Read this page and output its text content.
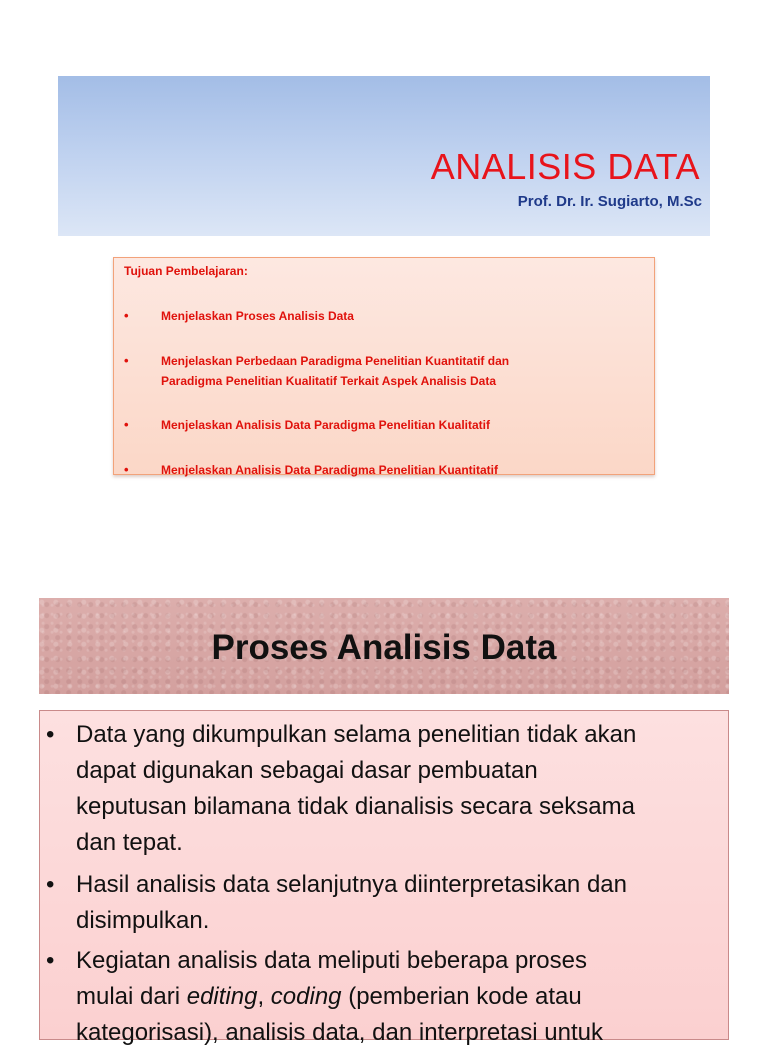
ANALISIS DATA
Prof. Dr. Ir. Sugiarto, M.Sc
Tujuan Pembelajaran:
•	Menjelaskan Proses Analisis Data
•	Menjelaskan Perbedaan Paradigma Penelitian Kuantitatif dan
Paradigma Penelitian Kualitatif Terkait Aspek Analisis Data
•	Menjelaskan Analisis Data Paradigma Penelitian Kualitatif
•	Menjelaskan Analisis Data Paradigma Penelitian Kuantitatif
Proses Analisis Data
• Data yang dikumpulkan selama penelitian tidak akan
dapat digunakan sebagai dasar pembuatan
keputusan bilamana tidak dianalisis secara seksama
dan tepat.
• Hasil analisis data selanjutnya diinterpretasikan dan
disimpulkan.
• Kegiatan analisis data meliputi beberapa proses
mulai dari editing, coding (pemberian kode atau
kategorisasi), analisis data, dan interpretasi untuk
